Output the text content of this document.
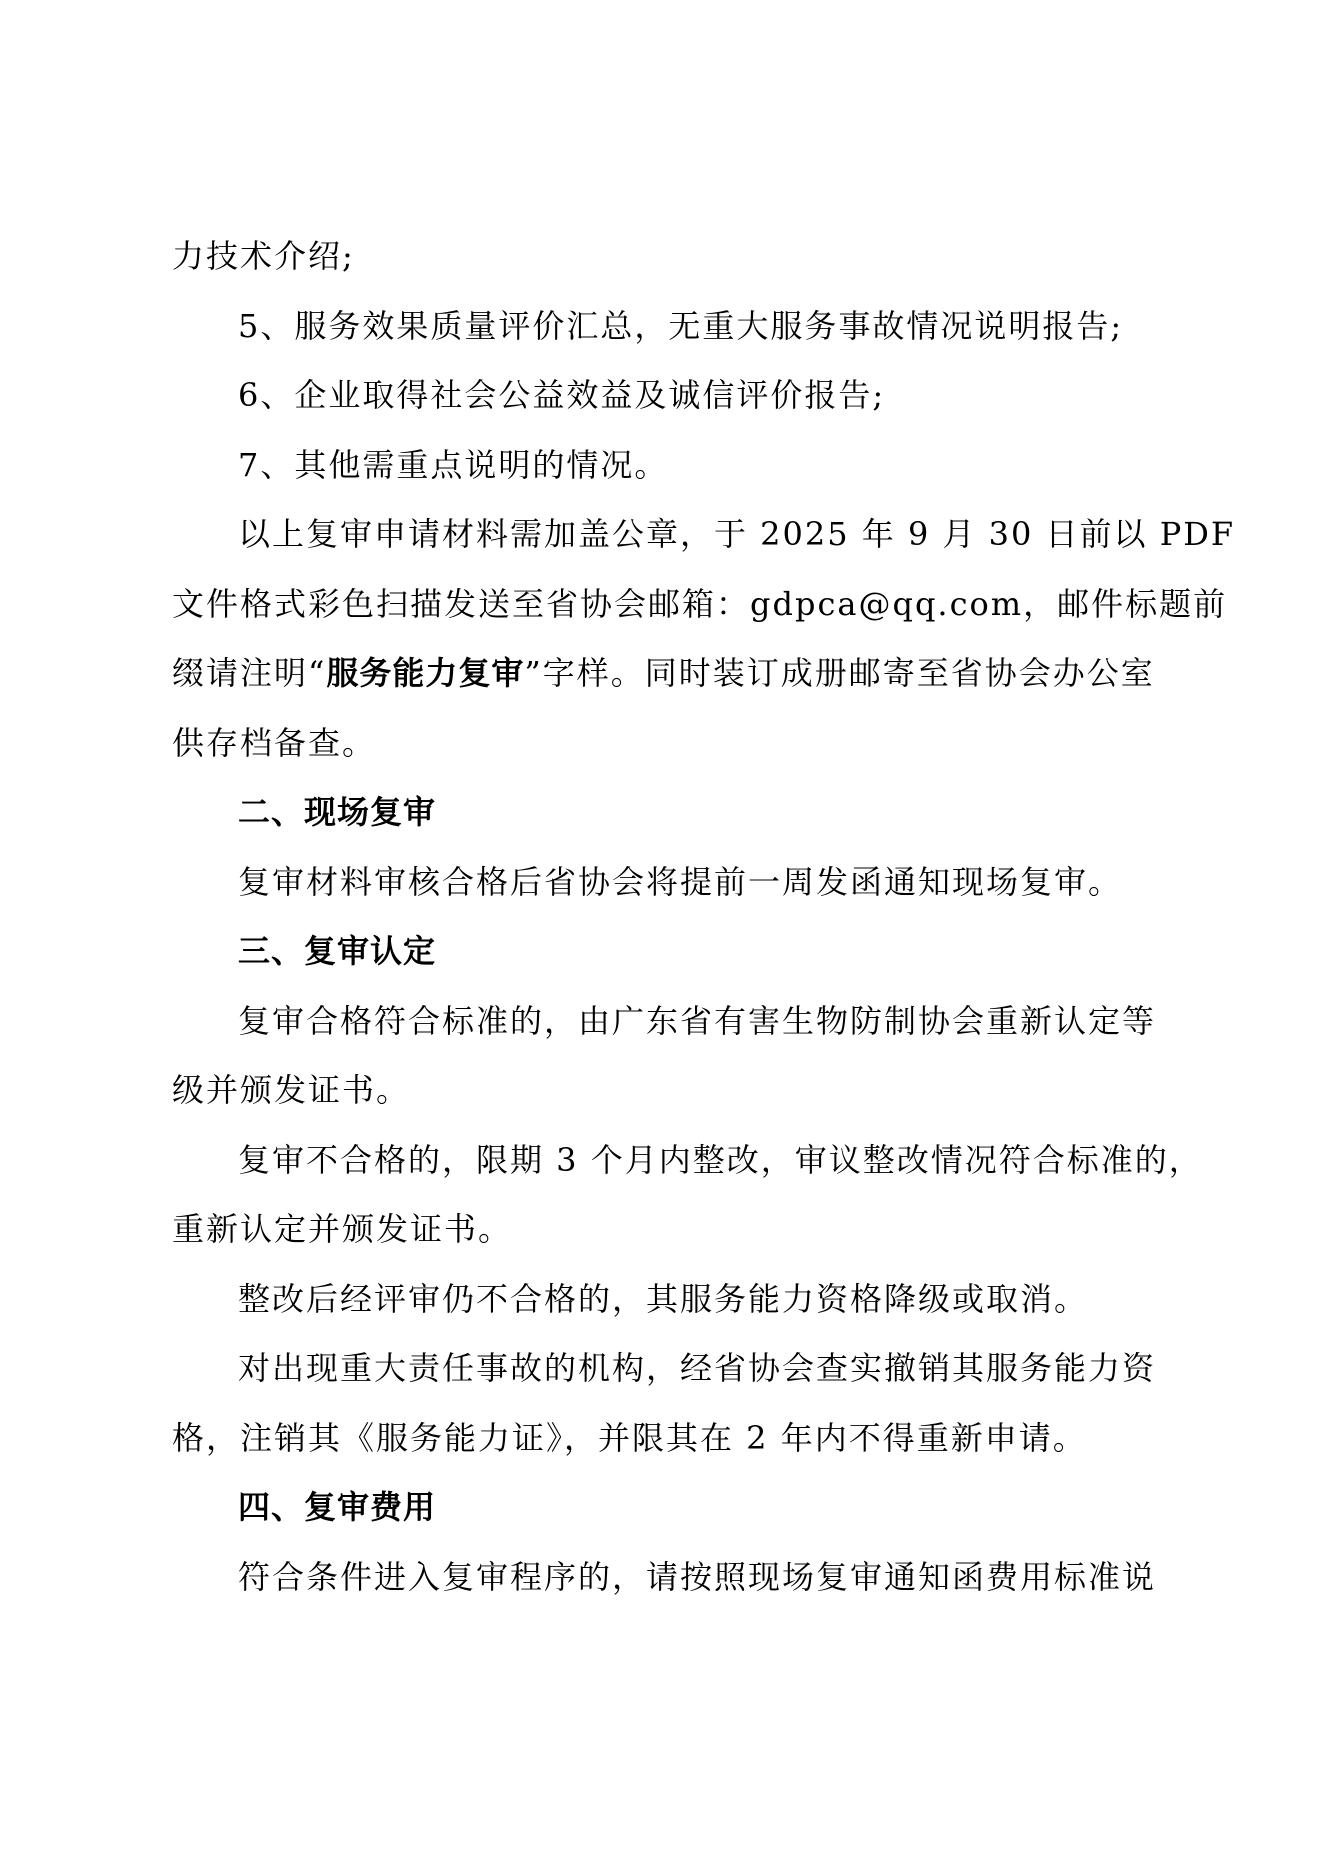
力技术介绍;

5、服务效果质量评价汇总，无重大服务事故情况说明报告;

6、企业取得社会公益效益及诚信评价报告;

7、其他需重点说明的情况。

以上复审申请材料需加盖公章，于 2025 年 9 月 30 日前以 PDF

文件格式彩色扫描发送至省协会邮箱：gdpca@qq.com，邮件标题前

缀请注明“服务能力复审”字样。同时装订成册邮寄至省协会办公室

供存档备查。

二、现场复审

复审材料审核合格后省协会将提前一周发函通知现场复审。

三、复审认定

复审合格符合标准的，由广东省有害生物防制协会重新认定等

级并颁发证书。

复审不合格的，限期 3 个月内整改，审议整改情况符合标准的，

重新认定并颁发证书。

整改后经评审仍不合格的，其服务能力资格降级或取消。

对出现重大责任事故的机构，经省协会查实撤销其服务能力资

格，注销其《服务能力证》，并限其在 2 年内不得重新申请。

四、复审费用

符合条件进入复审程序的，请按照现场复审通知函费用标准说
